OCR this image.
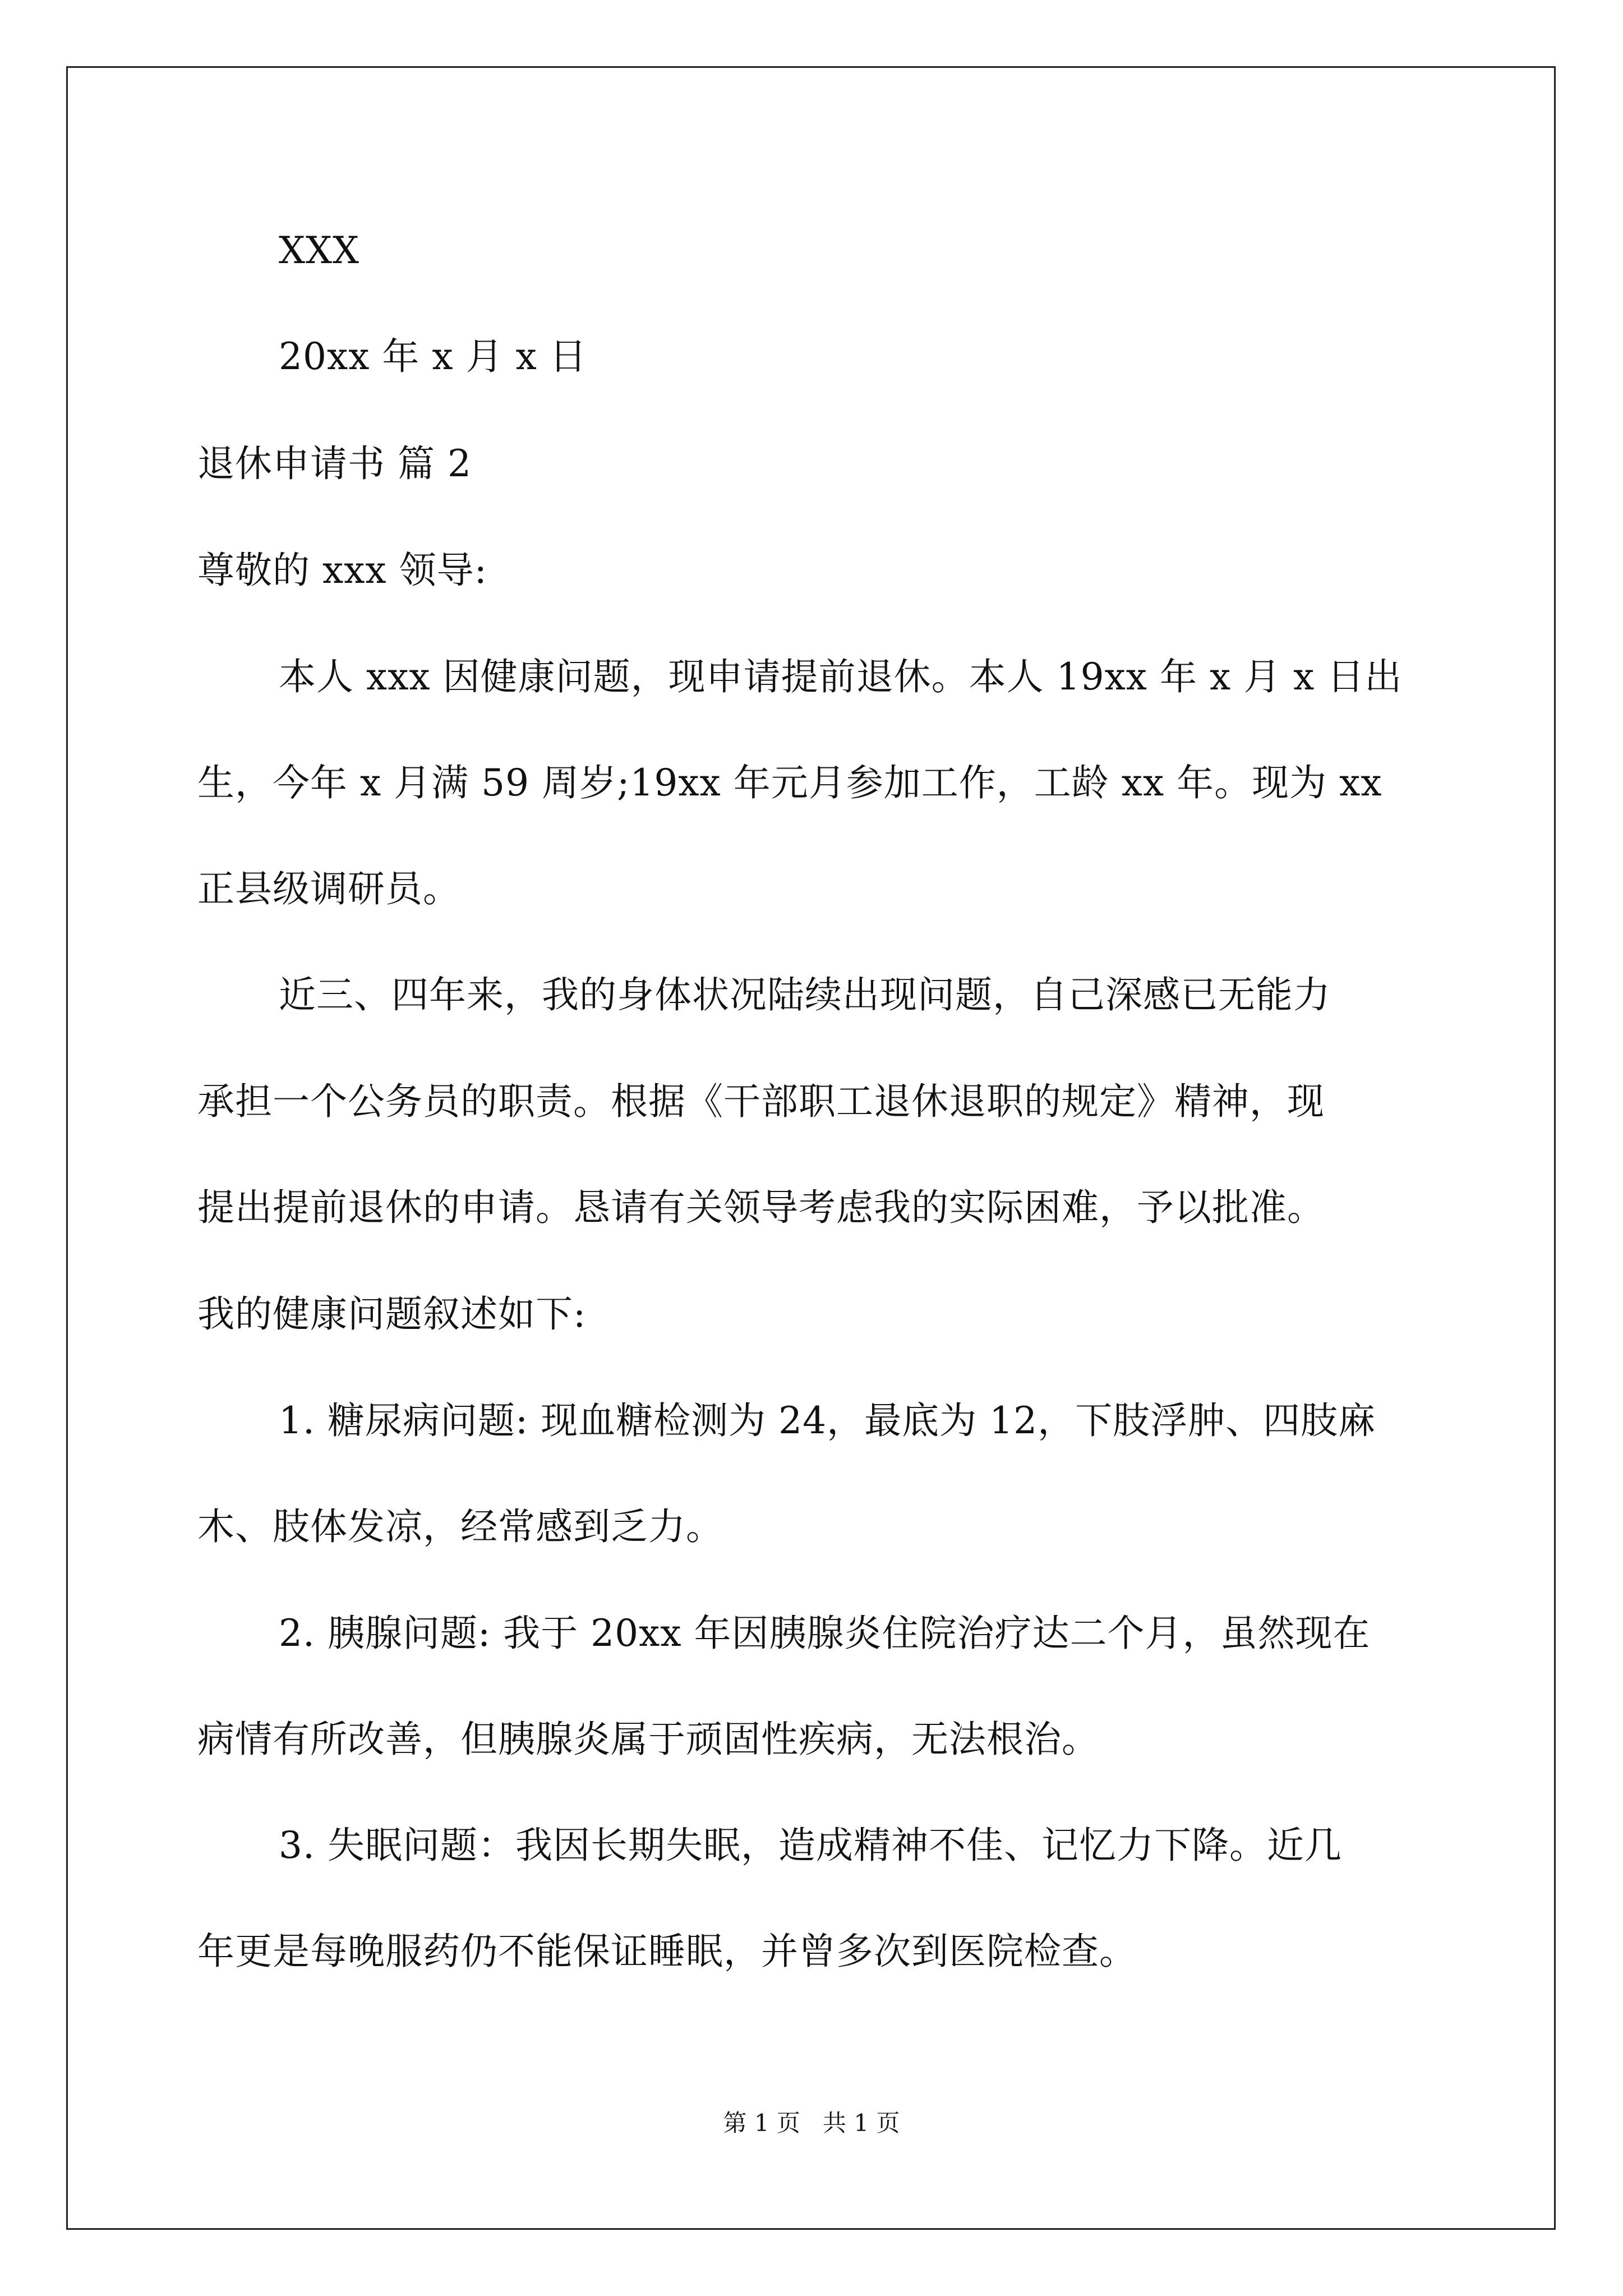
XXX
20xx 年 x 月 x 日
退休申请书 篇 2
尊敬的 xxx 领导:
本人 xxx 因健康问题，现申请提前退休。本人 19xx 年 x 月 x 日出
生，今年 x 月满 59 周岁;19xx 年元月参加工作，工龄 xx 年。现为 xx
正县级调研员。
近三、四年来，我的身体状况陆续出现问题，自己深感已无能力
承担一个公务员的职责。根据《干部职工退休退职的规定》精神，现
提出提前退休的申请。恳请有关领导考虑我的实际困难，予以批准。
我的健康问题叙述如下:
1. 糖尿病问题: 现血糖检测为 24，最底为 12，下肢浮肿、四肢麻
木、肢体发凉，经常感到乏力。
2. 胰腺问题: 我于 20xx 年因胰腺炎住院治疗达二个月，虽然现在
病情有所改善，但胰腺炎属于顽固性疾病，无法根治。
3. 失眠问题：我因长期失眠，造成精神不佳、记忆力下降。近几
年更是每晚服药仍不能保证睡眠，并曾多次到医院检查。
第 1 页   共 1 页
